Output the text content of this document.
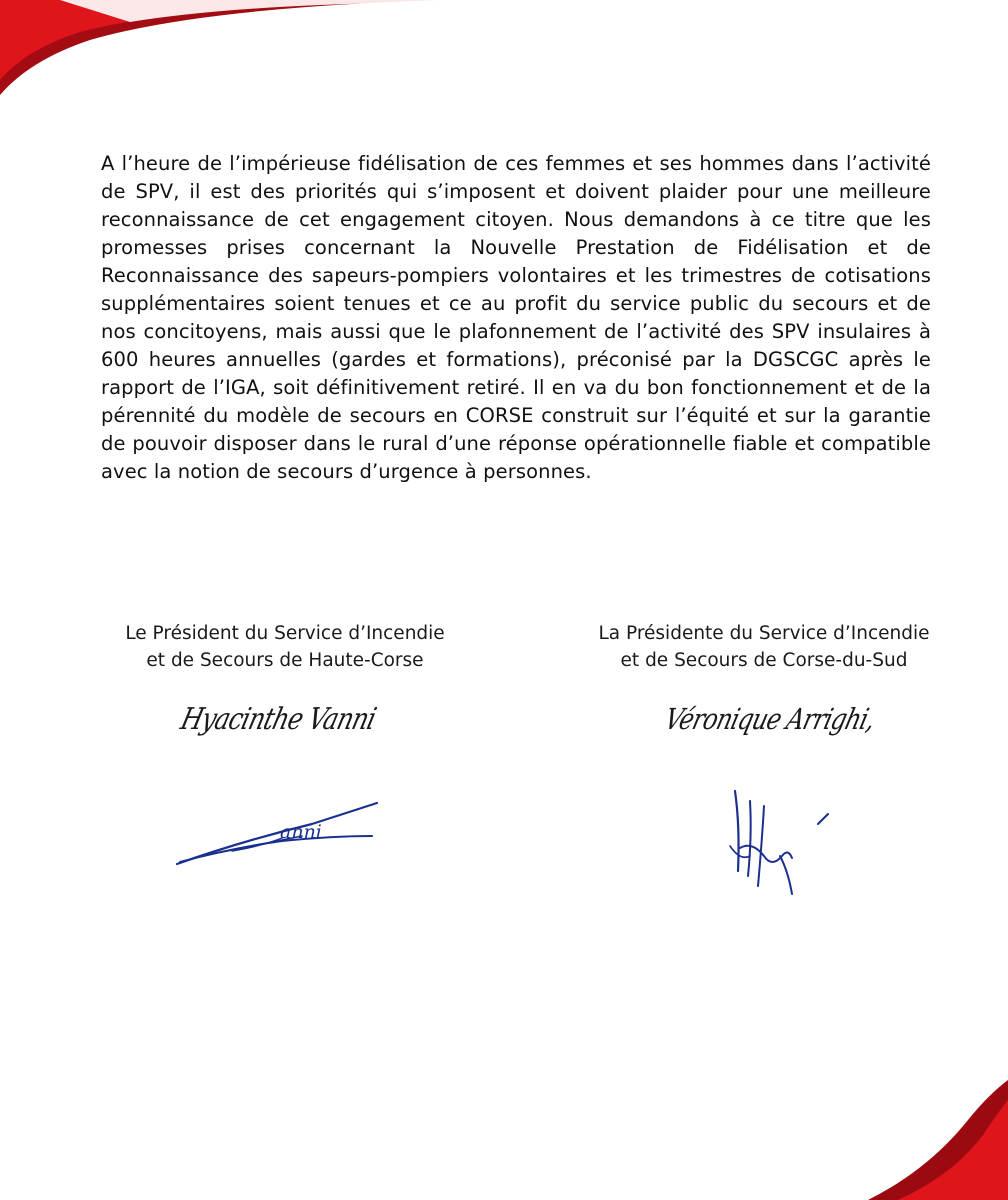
A l’heure de l’impérieuse fidélisation de ces femmes et ses hommes dans l’activité de SPV, il est des priorités qui s’imposent et doivent plaider pour une meilleure reconnaissance de cet engagement citoyen. Nous demandons à ce titre que les promesses prises concernant la Nouvelle Prestation de Fidélisation et de Reconnaissance des sapeurs-pompiers volontaires et les trimestres de cotisations supplémentaires soient tenues et ce au profit du service public du secours et de nos concitoyens, mais aussi que le plafonnement de l’activité des SPV insulaires à 600 heures annuelles (gardes et formations), préconisé par la DGSCGC après le rapport de l’IGA, soit définitivement retiré. Il en va du bon fonctionnement et de la pérennité du modèle de secours en CORSE construit sur l’équité et sur la garantie de pouvoir disposer dans le rural d’une réponse opérationnelle fiable et compatible avec la notion de secours d’urgence à personnes.

Le Président du Service d’Incendie
et de Secours de Haute-Corse
La Présidente du Service d’Incendie
et de Secours de Corse-du-Sud
Hyacinthe Vanni	Véronique Arrighi,
anni
